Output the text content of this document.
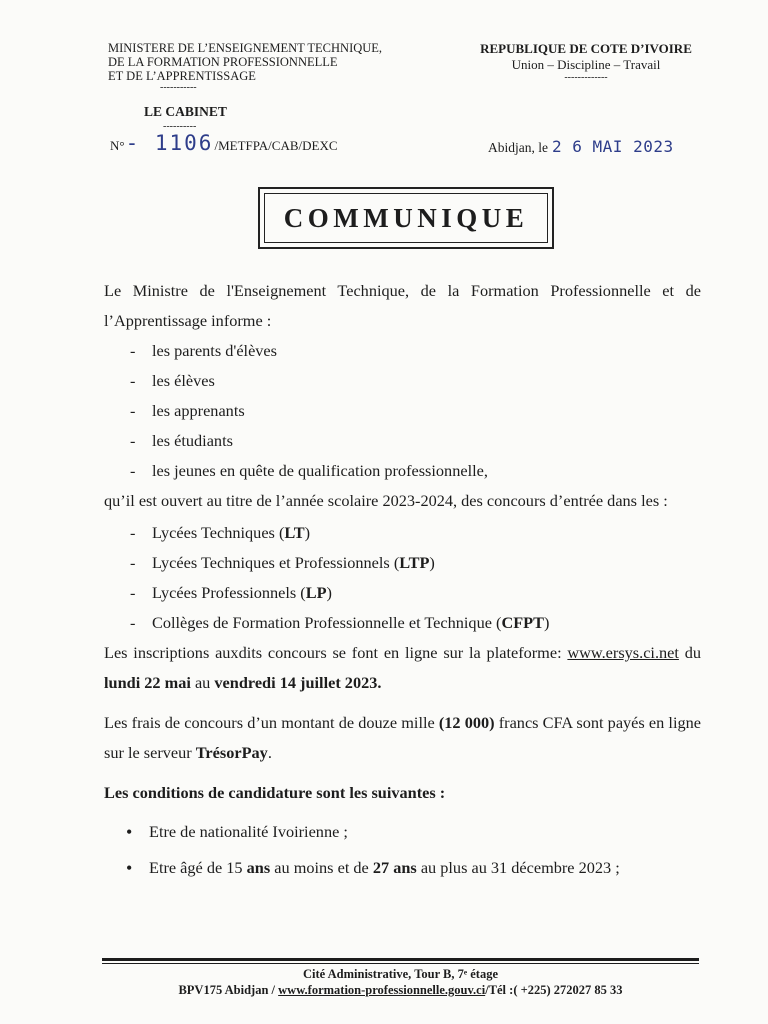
MINISTERE DE L’ENSEIGNEMENT TECHNIQUE,
DE LA FORMATION PROFESSIONNELLE
ET DE L’APPRENTISSAGE
-----------
LE CABINET
----------
N° - 1106 /METFPA/CAB/DEXC
REPUBLIQUE DE COTE D’IVOIRE
Union – Discipline – Travail
-------------
Abidjan, le 2 6 MAI 2023
COMMUNIQUE

Le Ministre de l'Enseignement Technique, de la Formation Professionnelle et de l’Apprentissage informe :

- les parents d'élèves
- les élèves
- les apprenants
- les étudiants
- les jeunes en quête de qualification professionnelle,

qu’il est ouvert au titre de l’année scolaire 2023-2024, des concours d’entrée dans les :

- Lycées Techniques (LT)
- Lycées Techniques et Professionnels (LTP)
- Lycées Professionnels (LP)
- Collèges de Formation Professionnelle et Technique (CFPT)

Les inscriptions auxdits concours se font en ligne sur la plateforme: www.ersys.ci.net du lundi 22 mai au vendredi 14 juillet 2023.

Les frais de concours d’un montant de douze mille (12 000) francs CFA sont payés en ligne sur le serveur TrésorPay.

Les conditions de candidature sont les suivantes :

• Etre de nationalité Ivoirienne ;
• Etre âgé de 15 ans au moins et de 27 ans au plus au 31 décembre 2023 ;
Cité Administrative, Tour B, 7ᵉ étage
BPV175 Abidjan / www.formation-professionnelle.gouv.ci/Tél :( +225) 272027 85 33
